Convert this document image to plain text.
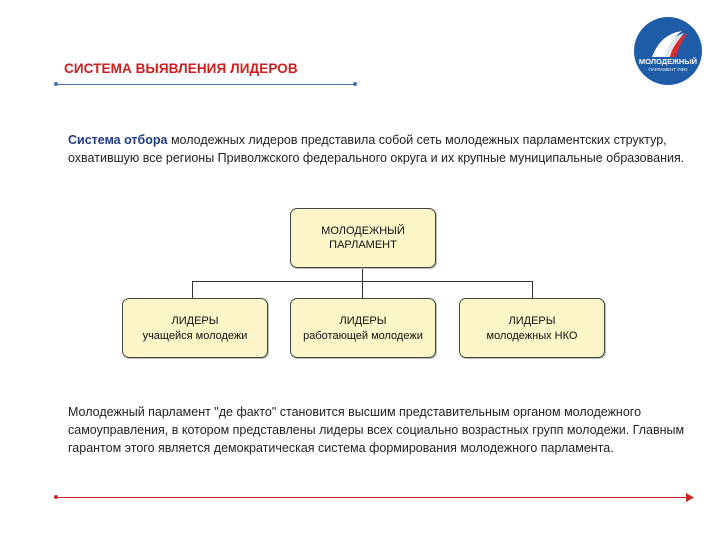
МОЛОДЕЖНЫЙ
ПАРЛАМЕНТ ПФО
СИСТЕМА ВЫЯВЛЕНИЯ ЛИДЕРОВ
Система отбора молодежных лидеров представила собой сеть молодежных парламентских структур, охватившую все регионы Приволжского федерального округа и их крупные муниципальные образования.
МОЛОДЕЖНЫЙ
ПАРЛАМЕНТ
ЛИДЕРЫ
учащейся молодежи
ЛИДЕРЫ
работающей молодежи
ЛИДЕРЫ
молодежных НКО
Молодежный парламент "де факто" становится высшим представительным органом молодежного самоуправления, в котором представлены лидеры всех социально возрастных групп молодежи. Главным гарантом этого является демократическая система формирования молодежного парламента.
